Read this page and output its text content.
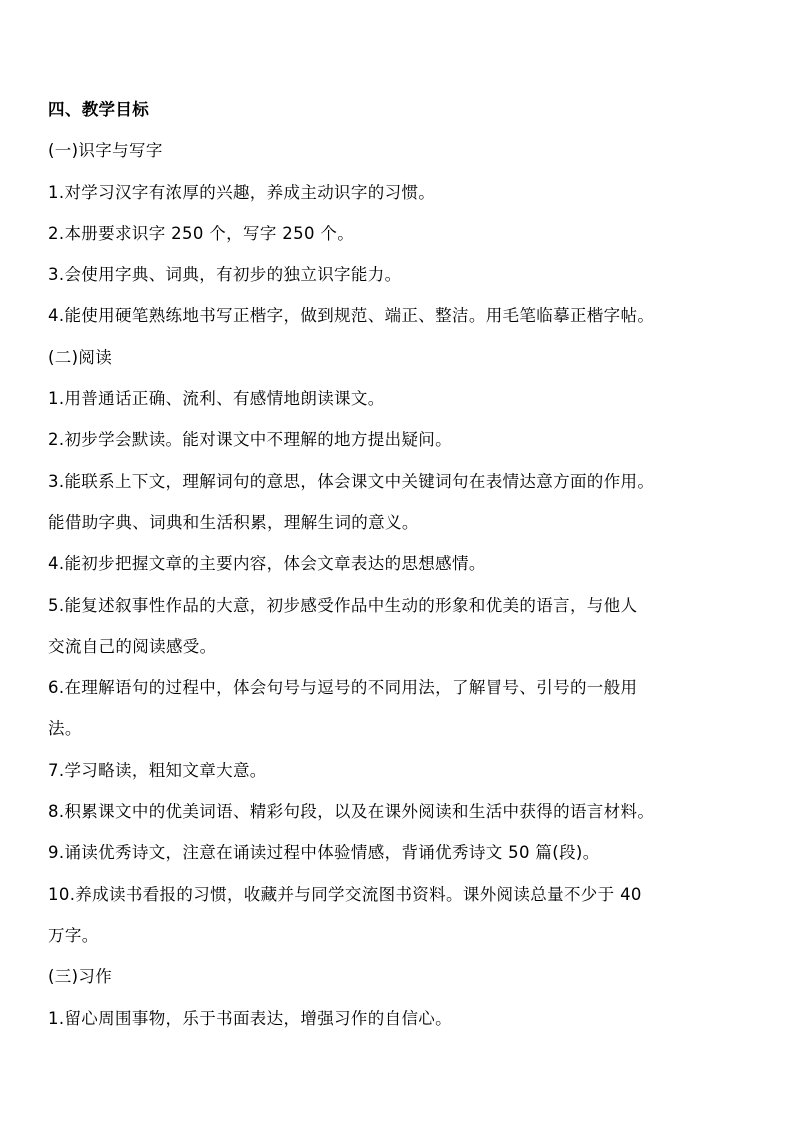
四、教学目标
(一)识字与写字
1.对学习汉字有浓厚的兴趣，养成主动识字的习惯。
2.本册要求识字 250 个，写字 250 个。
3.会使用字典、词典，有初步的独立识字能力。
4.能使用硬笔熟练地书写正楷字，做到规范、端正、整洁。用毛笔临摹正楷字帖。
(二)阅读
1.用普通话正确、流利、有感情地朗读课文。
2.初步学会默读。能对课文中不理解的地方提出疑问。
3.能联系上下文，理解词句的意思，体会课文中关键词句在表情达意方面的作用。
能借助字典、词典和生活积累，理解生词的意义。
4.能初步把握文章的主要内容，体会文章表达的思想感情。
5.能复述叙事性作品的大意，初步感受作品中生动的形象和优美的语言，与他人
交流自己的阅读感受。
6.在理解语句的过程中，体会句号与逗号的不同用法，了解冒号、引号的一般用
法。
7.学习略读，粗知文章大意。
8.积累课文中的优美词语、精彩句段，以及在课外阅读和生活中获得的语言材料。
9.诵读优秀诗文，注意在诵读过程中体验情感，背诵优秀诗文 50 篇(段)。
10.养成读书看报的习惯，收藏并与同学交流图书资料。课外阅读总量不少于 40
万字。
(三)习作
1.留心周围事物，乐于书面表达，增强习作的自信心。
